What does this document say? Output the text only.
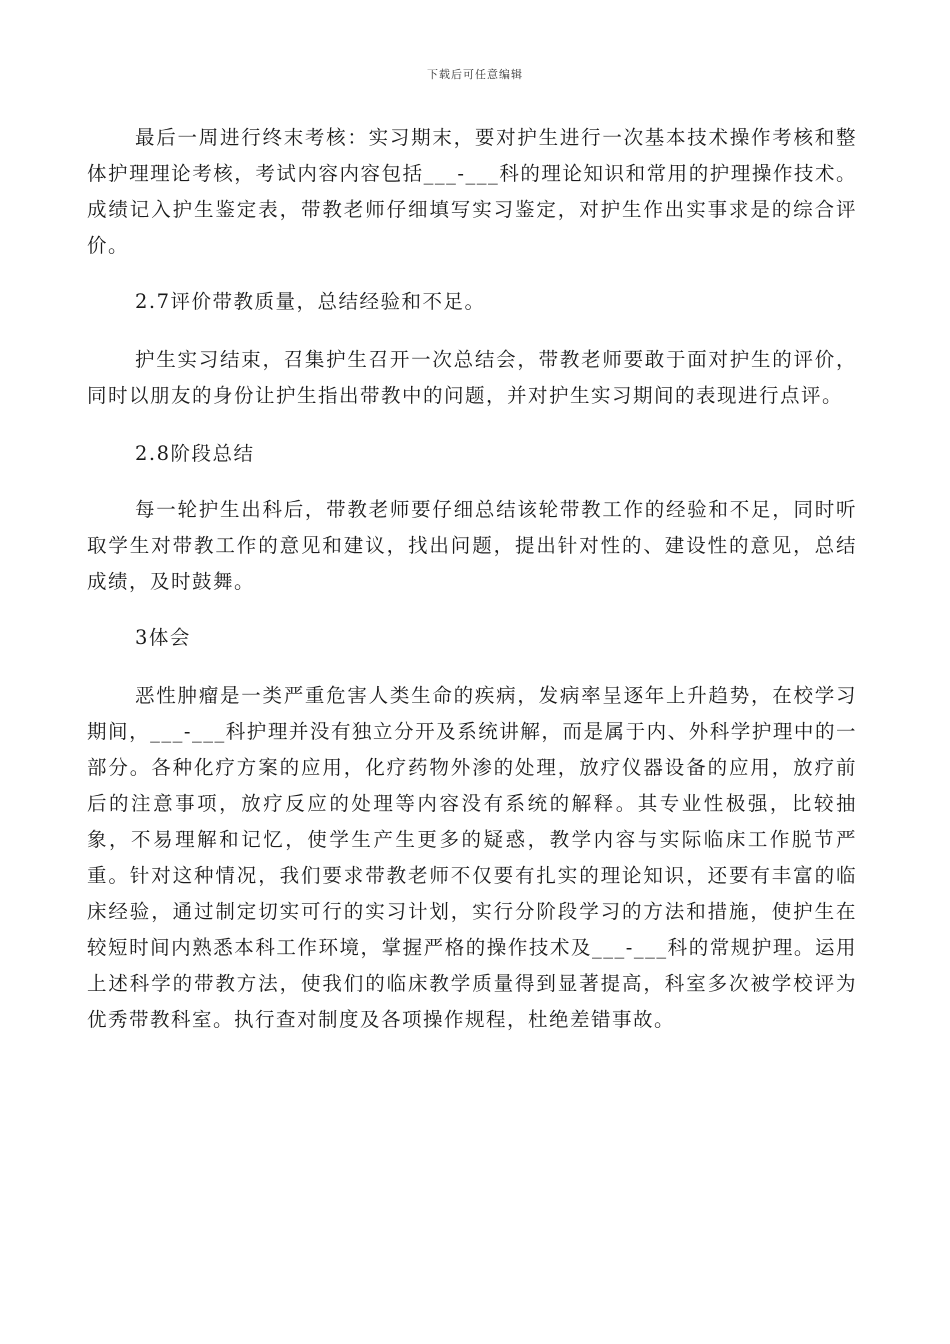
下载后可任意编辑

最后一周进行终末考核：实习期末，要对护生进行一次基本技术操作考核和整体护理理论考核，考试内容内容包括___-___科的理论知识和常用的护理操作技术。成绩记入护生鉴定表，带教老师仔细填写实习鉴定，对护生作出实事求是的综合评价。

2.7评价带教质量，总结经验和不足。

护生实习结束，召集护生召开一次总结会，带教老师要敢于面对护生的评价，同时以朋友的身份让护生指出带教中的问题，并对护生实习期间的表现进行点评。

2.8阶段总结

每一轮护生出科后，带教老师要仔细总结该轮带教工作的经验和不足，同时听取学生对带教工作的意见和建议，找出问题，提出针对性的、建设性的意见，总结成绩，及时鼓舞。

3体会

恶性肿瘤是一类严重危害人类生命的疾病，发病率呈逐年上升趋势，在校学习期间，___-___科护理并没有独立分开及系统讲解，而是属于内、外科学护理中的一部分。各种化疗方案的应用，化疗药物外渗的处理，放疗仪器设备的应用，放疗前后的注意事项，放疗反应的处理等内容没有系统的解释。其专业性极强，比较抽象，不易理解和记忆，使学生产生更多的疑惑，教学内容与实际临床工作脱节严重。针对这种情况，我们要求带教老师不仅要有扎实的理论知识，还要有丰富的临床经验，通过制定切实可行的实习计划，实行分阶段学习的方法和措施，使护生在较短时间内熟悉本科工作环境，掌握严格的操作技术及___-___科的常规护理。运用上述科学的带教方法，使我们的临床教学质量得到显著提高，科室多次被学校评为优秀带教科室。执行查对制度及各项操作规程，杜绝差错事故。
